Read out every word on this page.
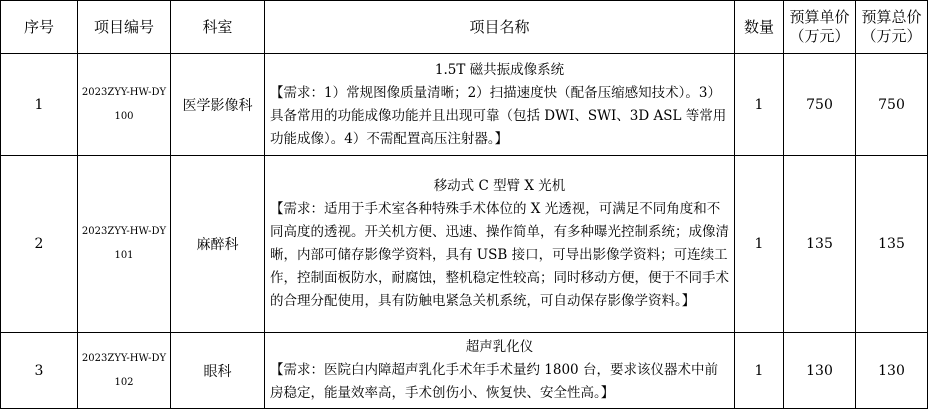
序号	项目编号	科室	项目名称	数量	预算单价（万元）	预算总价（万元）
1	2023ZYY-HW-DY100	医学影像科	1.5T 磁共振成像系统
【需求：1）常规图像质量清晰；2）扫描速度快（配备压缩感知技术）。3）具备常用的功能成像功能并且出现可靠（包括 DWI、SWI、3D ASL 等常用功能成像）。4）不需配置高压注射器。】	1	750	750
2	2023ZYY-HW-DY101	麻醉科	移动式 C 型臂 X 光机
【需求：适用于手术室各种特殊手术体位的 X 光透视，可满足不同角度和不同高度的透视。开关机方便、迅速、操作简单，有多种曝光控制系统；成像清晰，内部可储存影像学资料，具有 USB 接口，可导出影像学资料；可连续工作，控制面板防水，耐腐蚀，整机稳定性较高；同时移动方便，便于不同手术的合理分配使用，具有防触电紧急关机系统，可自动保存影像学资料。】	1	135	135
3	2023ZYY-HW-DY102	眼科	超声乳化仪
【需求：医院白内障超声乳化手术年手术量约 1800 台，要求该仪器术中前房稳定，能量效率高，手术创伤小、恢复快、安全性高。】	1	130	130
